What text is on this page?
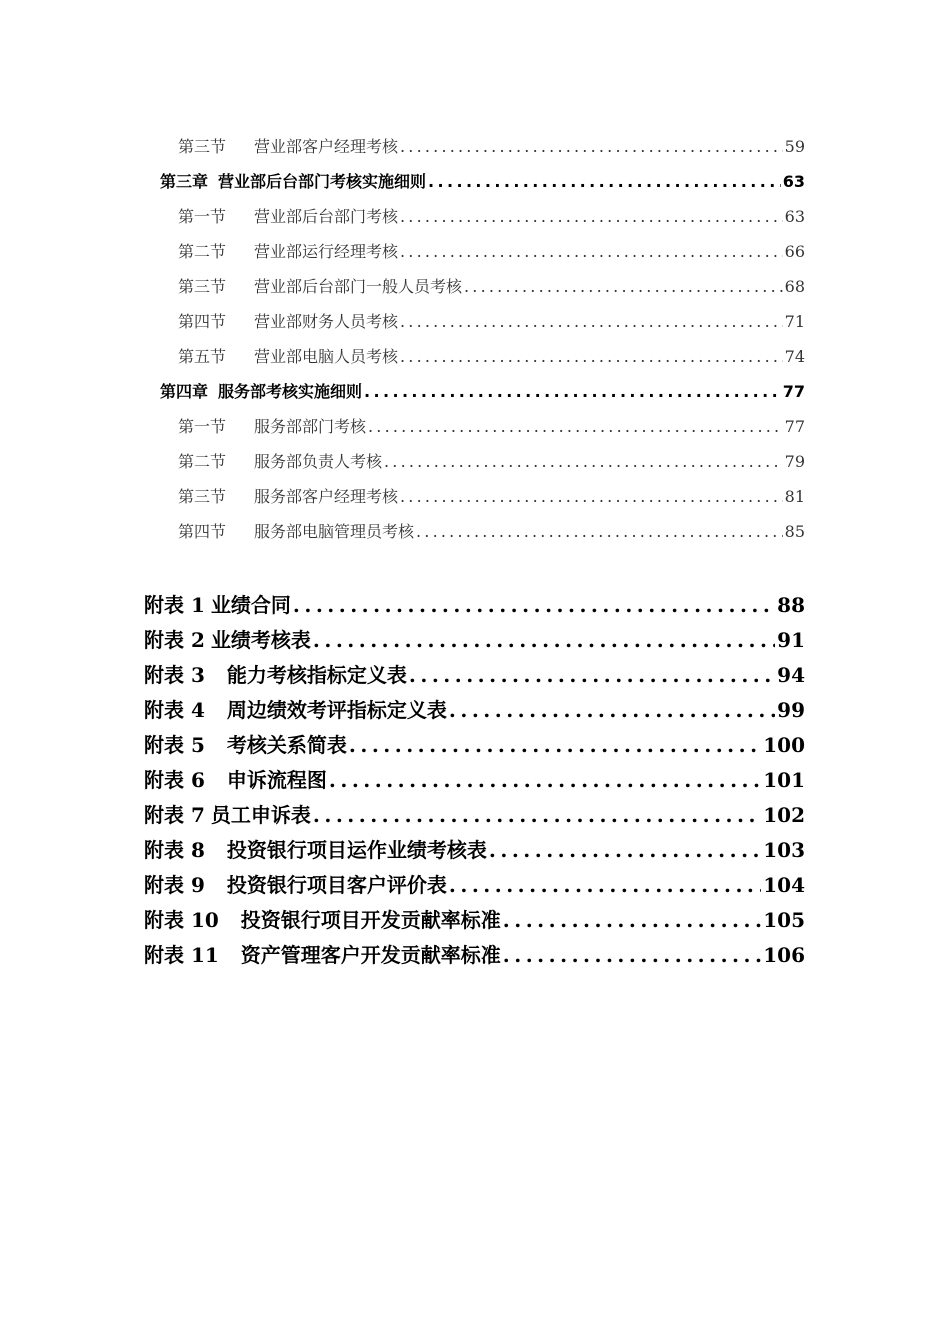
第三节 营业部客户经理考核 .....	59
第三章 营业部后台部门考核实施细则 .....	63
第一节 营业部后台部门考核 .....	63
第二节 营业部运行经理考核 .....	66
第三节 营业部后台部门一般人员考核 .....	68
第四节 营业部财务人员考核 .....	71
第五节 营业部电脑人员考核 .....	74
第四章 服务部考核实施细则 .....	77
第一节 服务部部门考核 .....	77
第二节 服务部负责人考核 .....	79
第三节 服务部客户经理考核 .....	81
第四节 服务部电脑管理员考核 .....	85
附表 1 业绩合同 .....	88
附表 2 业绩考核表 .....	91
附表 3 能力考核指标定义表 .....	94
附表 4 周边绩效考评指标定义表 .....	99
附表 5 考核关系简表 .....	100
附表 6 申诉流程图 .....	101
附表 7 员工申诉表 .....	102
附表 8 投资银行项目运作业绩考核表 .....	103
附表 9 投资银行项目客户评价表 .....	104
附表 10 投资银行项目开发贡献率标准 .....	105
附表 11 资产管理客户开发贡献率标准 .....	106
